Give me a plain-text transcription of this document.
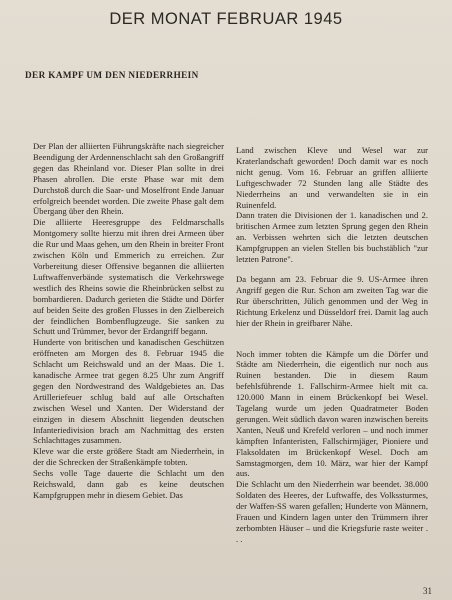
DER MONAT FEBRUAR 1945
DER KAMPF UM DEN NIEDERRHEIN

Der Plan der alliierten Führungskräfte nach siegreicher Beendigung der Ardennenschlacht sah den Großangriff gegen das Rheinland vor. Dieser Plan sollte in drei Phasen abrollen. Die erste Phase war mit dem Durchstoß durch die Saar- und Moselfront Ende Januar erfolgreich beendet worden. Die zweite Phase galt dem Übergang über den Rhein.

Die alliierte Heeresgruppe des Feldmarschalls Montgomery sollte hierzu mit ihren drei Armeen über die Rur und Maas gehen, um den Rhein in breiter Front zwischen Köln und Emmerich zu erreichen. Zur Vorbereitung dieser Offensive begannen die alliierten Luftwaffenverbände systematisch die Verkehrswege westlich des Rheins sowie die Rheinbrücken selbst zu bombardieren. Dadurch gerieten die Städte und Dörfer auf beiden Seite des großen Flusses in den Zielbereich der feindlichen Bombenflugzeuge. Sie sanken zu Schutt und Trümmer, bevor der Erdangriff begann.

Hunderte von britischen und kanadischen Geschützen eröffneten am Morgen des 8. Februar 1945 die Schlacht um Reichswald und an der Maas. Die 1. kanadische Armee trat gegen 8.25 Uhr zum Angriff gegen den Nordwestrand des Waldgebietes an. Das Artilleriefeuer schlug bald auf alle Ortschaften zwischen Wesel und Xanten. Der Widerstand der einzigen in diesem Abschnitt liegenden deutschen Infanteriedivision brach am Nachmittag des ersten Schlachttages zusammen.

Kleve war die erste größere Stadt am Niederrhein, in der die Schrecken der Straßenkämpfe tobten.

Sechs volle Tage dauerte die Schlacht um den Reichswald, dann gab es keine deutschen Kampfgruppen mehr in diesem Gebiet. Das

Land zwischen Kleve und Wesel war zur Kraterlandschaft geworden! Doch damit war es noch nicht genug. Vom 16. Februar an griffen alliierte Luftgeschwader 72 Stunden lang alle Städte des Niederrheins an und verwandelten sie in ein Ruinenfeld.

Dann traten die Divisionen der 1. kanadischen und 2. britischen Armee zum letzten Sprung gegen den Rhein an. Verbissen wehrten sich die letzten deutschen Kampfgruppen an vielen Stellen bis buchstäblich "zur letzten Patrone".

Da begann am 23. Februar die 9. US-Armee ihren Angriff gegen die Rur. Schon am zweiten Tag war die Rur überschritten, Jülich genommen und der Weg in Richtung Erkelenz und Düsseldorf frei. Damit lag auch hier der Rhein in greifbarer Nähe.

Noch immer tobten die Kämpfe um die Dörfer und Städte am Niederrhein, die eigentlich nur noch aus Ruinen bestanden. Die in diesem Raum befehlsführende 1. Fallschirm-Armee hielt mit ca. 120.000 Mann in einem Brückenkopf bei Wesel. Tagelang wurde um jeden Quadratmeter Boden gerungen. Weit südlich davon waren inzwischen bereits Xanten, Neuß und Krefeld verloren – und noch immer kämpften Infanteristen, Fallschirmjäger, Pioniere und Flaksoldaten im Brückenkopf Wesel. Doch am Samstagmorgen, dem 10. März, war hier der Kampf aus.

Die Schlacht um den Niederrhein war beendet. 38.000 Soldaten des Heeres, der Luftwaffe, des Volkssturmes, der Waffen-SS waren gefallen; Hunderte von Männern, Frauen und Kindern lagen unter den Trümmern ihrer zerbombten Häuser – und die Kriegsfurie raste weiter . . .

31
